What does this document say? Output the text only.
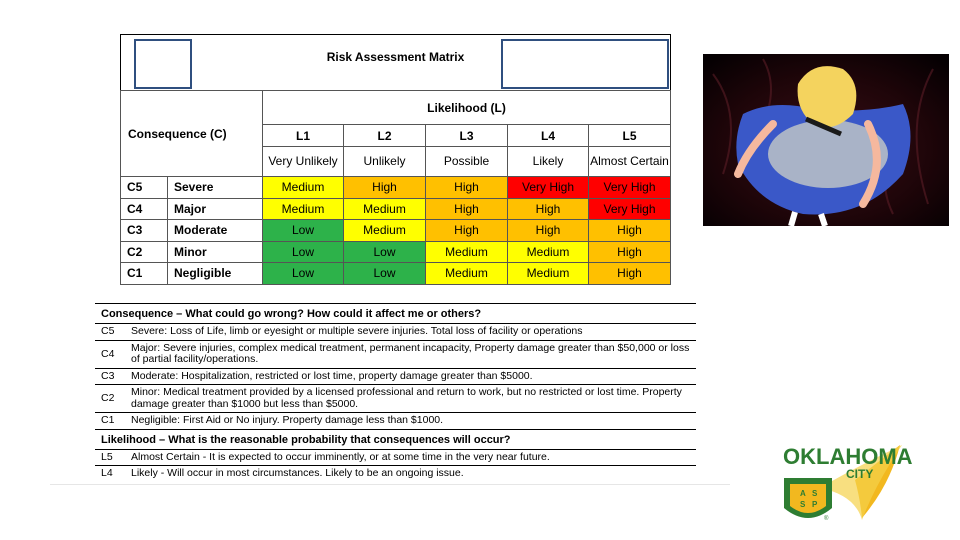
Risk Assessment Matrix
Consequence (C)		Likelihood (L)				
		L1	L2	L3	L4	L5
		Very Unlikely	Unlikely	Possible	Likely	Almost Certain
C5	Severe	Medium	High	High	Very High	Very High
C4	Major	Medium	Medium	High	High	Very High
C3	Moderate	Low	Medium	High	High	High
C2	Minor	Low	Low	Medium	Medium	High
C1	Negligible	Low	Low	Medium	Medium	High
Consequence – What could go wrong? How could it affect me or others?
C5	Severe: Loss of Life, limb or eyesight or multiple severe injuries. Total loss of facility or operations
C4	Major: Severe injuries, complex medical treatment, permanent incapacity, Property damage greater than $50,000 or loss of partial facility/operations.
C3	Moderate: Hospitalization, restricted or lost time, property damage greater than $5000.
C2	Minor: Medical treatment provided by a licensed professional and return to work, but no restricted or lost time. Property damage greater than $1000 but less than $5000.
C1	Negligible: First Aid or No injury. Property damage less than $1000.
Likelihood – What is the reasonable probability that consequences will occur?
L5	Almost Certain - It is expected to occur imminently, or at some time in the very near future.
L4	Likely - Will occur in most circumstances. Likely to be an ongoing issue.
OKLAHOMA
CITY
A S
S P
®
